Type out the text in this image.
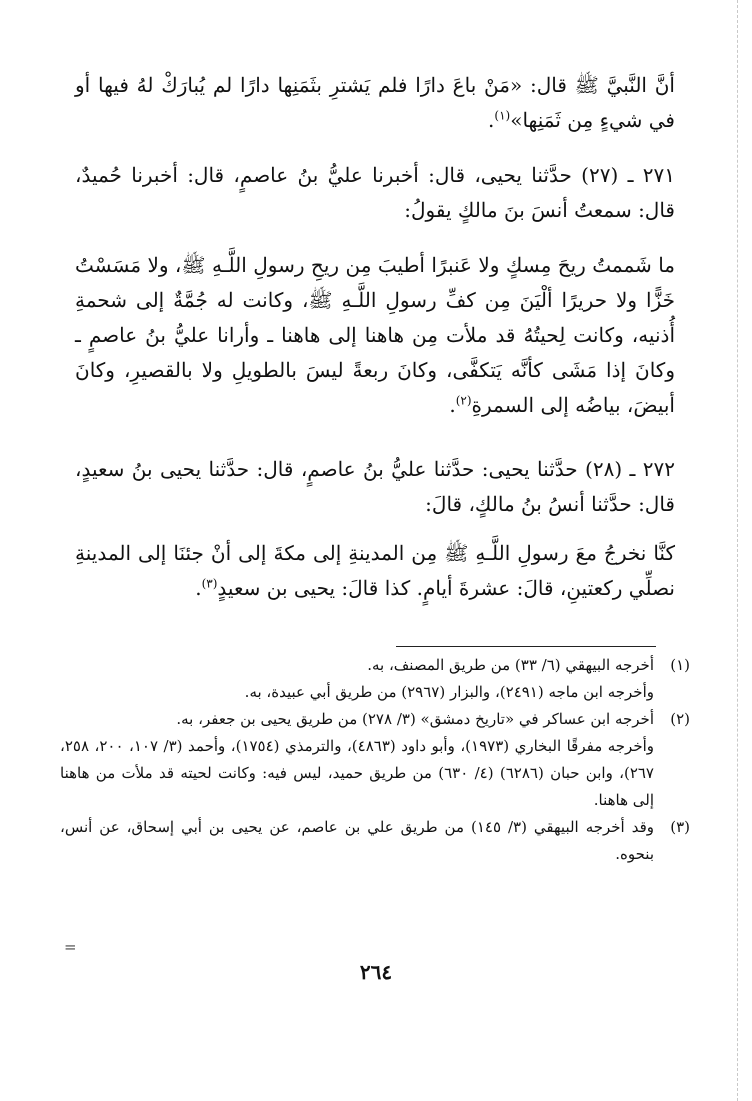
أنَّ النَّبيَّ ﷺ قال: «مَنْ باعَ دارًا فلم يَشترِ بثَمَنِها دارًا لم يُبارَكْ لهُ فيها أو في شيءٍ مِن ثَمَنِها»$^{(١)}$.

٢٧١ ـ (٢٧) حدَّثنا يحيى، قال: أخبرنا عليُّ بنُ عاصمٍ، قال: أخبرنا حُميدٌ، قال: سمعتُ أنسَ بنَ مالكٍ يقولُ:

ما شَممتُ ريحَ مِسكٍ ولا عَنبرًا أطيبَ مِن ريحِ رسولِ اللَّـهِ ﷺ، ولا مَسَسْتُ خَزًّا ولا حريرًا ألْيَنَ مِن كفِّ رسولِ اللَّـهِ ﷺ، وكانت له جُمَّةٌ إلى شحمةِ أُذنيه، وكانت لِحيتُهُ قد ملأت مِن هاهنا إلى هاهنا ـ وأرانا عليُّ بنُ عاصمٍ ـ وكانَ إذا مَشَى كأنَّه يَتكفَّى، وكانَ ربعةً ليسَ بالطويلِ ولا بالقصيرِ، وكانَ أبيضَ، بياضُه إلى السمرةِ$^{(٢)}$.

٢٧٢ ـ (٢٨) حدَّثنا يحيى: حدَّثنا عليُّ بنُ عاصمٍ، قال: حدَّثنا يحيى بنُ سعيدٍ، قال: حدَّثنا أنسُ بنُ مالكٍ، قالَ:

كنَّا نخرجُ معَ رسولِ اللَّـهِ ﷺ مِن المدينةِ إلى مكةَ إلى أنْ جئنَا إلى المدينةِ نصلِّي ركعتينِ، قالَ: عشرةَ أيامٍ. كذا قالَ: يحيى بن سعيدٍ$^{(٣)}$.

(١)
أخرجه البيهقي (٦/ ٣٣) من طريق المصنف، به.
وأخرجه ابن ماجه (٢٤٩١)، والبزار (٢٩٦٧) من طريق أبي عبيدة، به.
(٢)
أخرجه ابن عساكر في «تاريخ دمشق» (٣/ ٢٧٨) من طريق يحيى بن جعفر، به.
وأخرجه مفرقًا البخاري (١٩٧٣)، وأبو داود (٤٨٦٣)، والترمذي (١٧٥٤)، وأحمد (٣/ ١٠٧، ٢٠٠، ٢٥٨، ٢٦٧)، وابن حبان (٦٢٨٦) (٤/ ٦٣٠) من طريق حميد، ليس فيه: وكانت لحيته قد ملأت من هاهنا إلى هاهنا.
(٣)
وقد أخرجه البيهقي (٣/ ١٤٥) من طريق علي بن عاصم، عن يحيى بن أبي إسحاق، عن أنس، بنحوه.
=
٢٦٤
